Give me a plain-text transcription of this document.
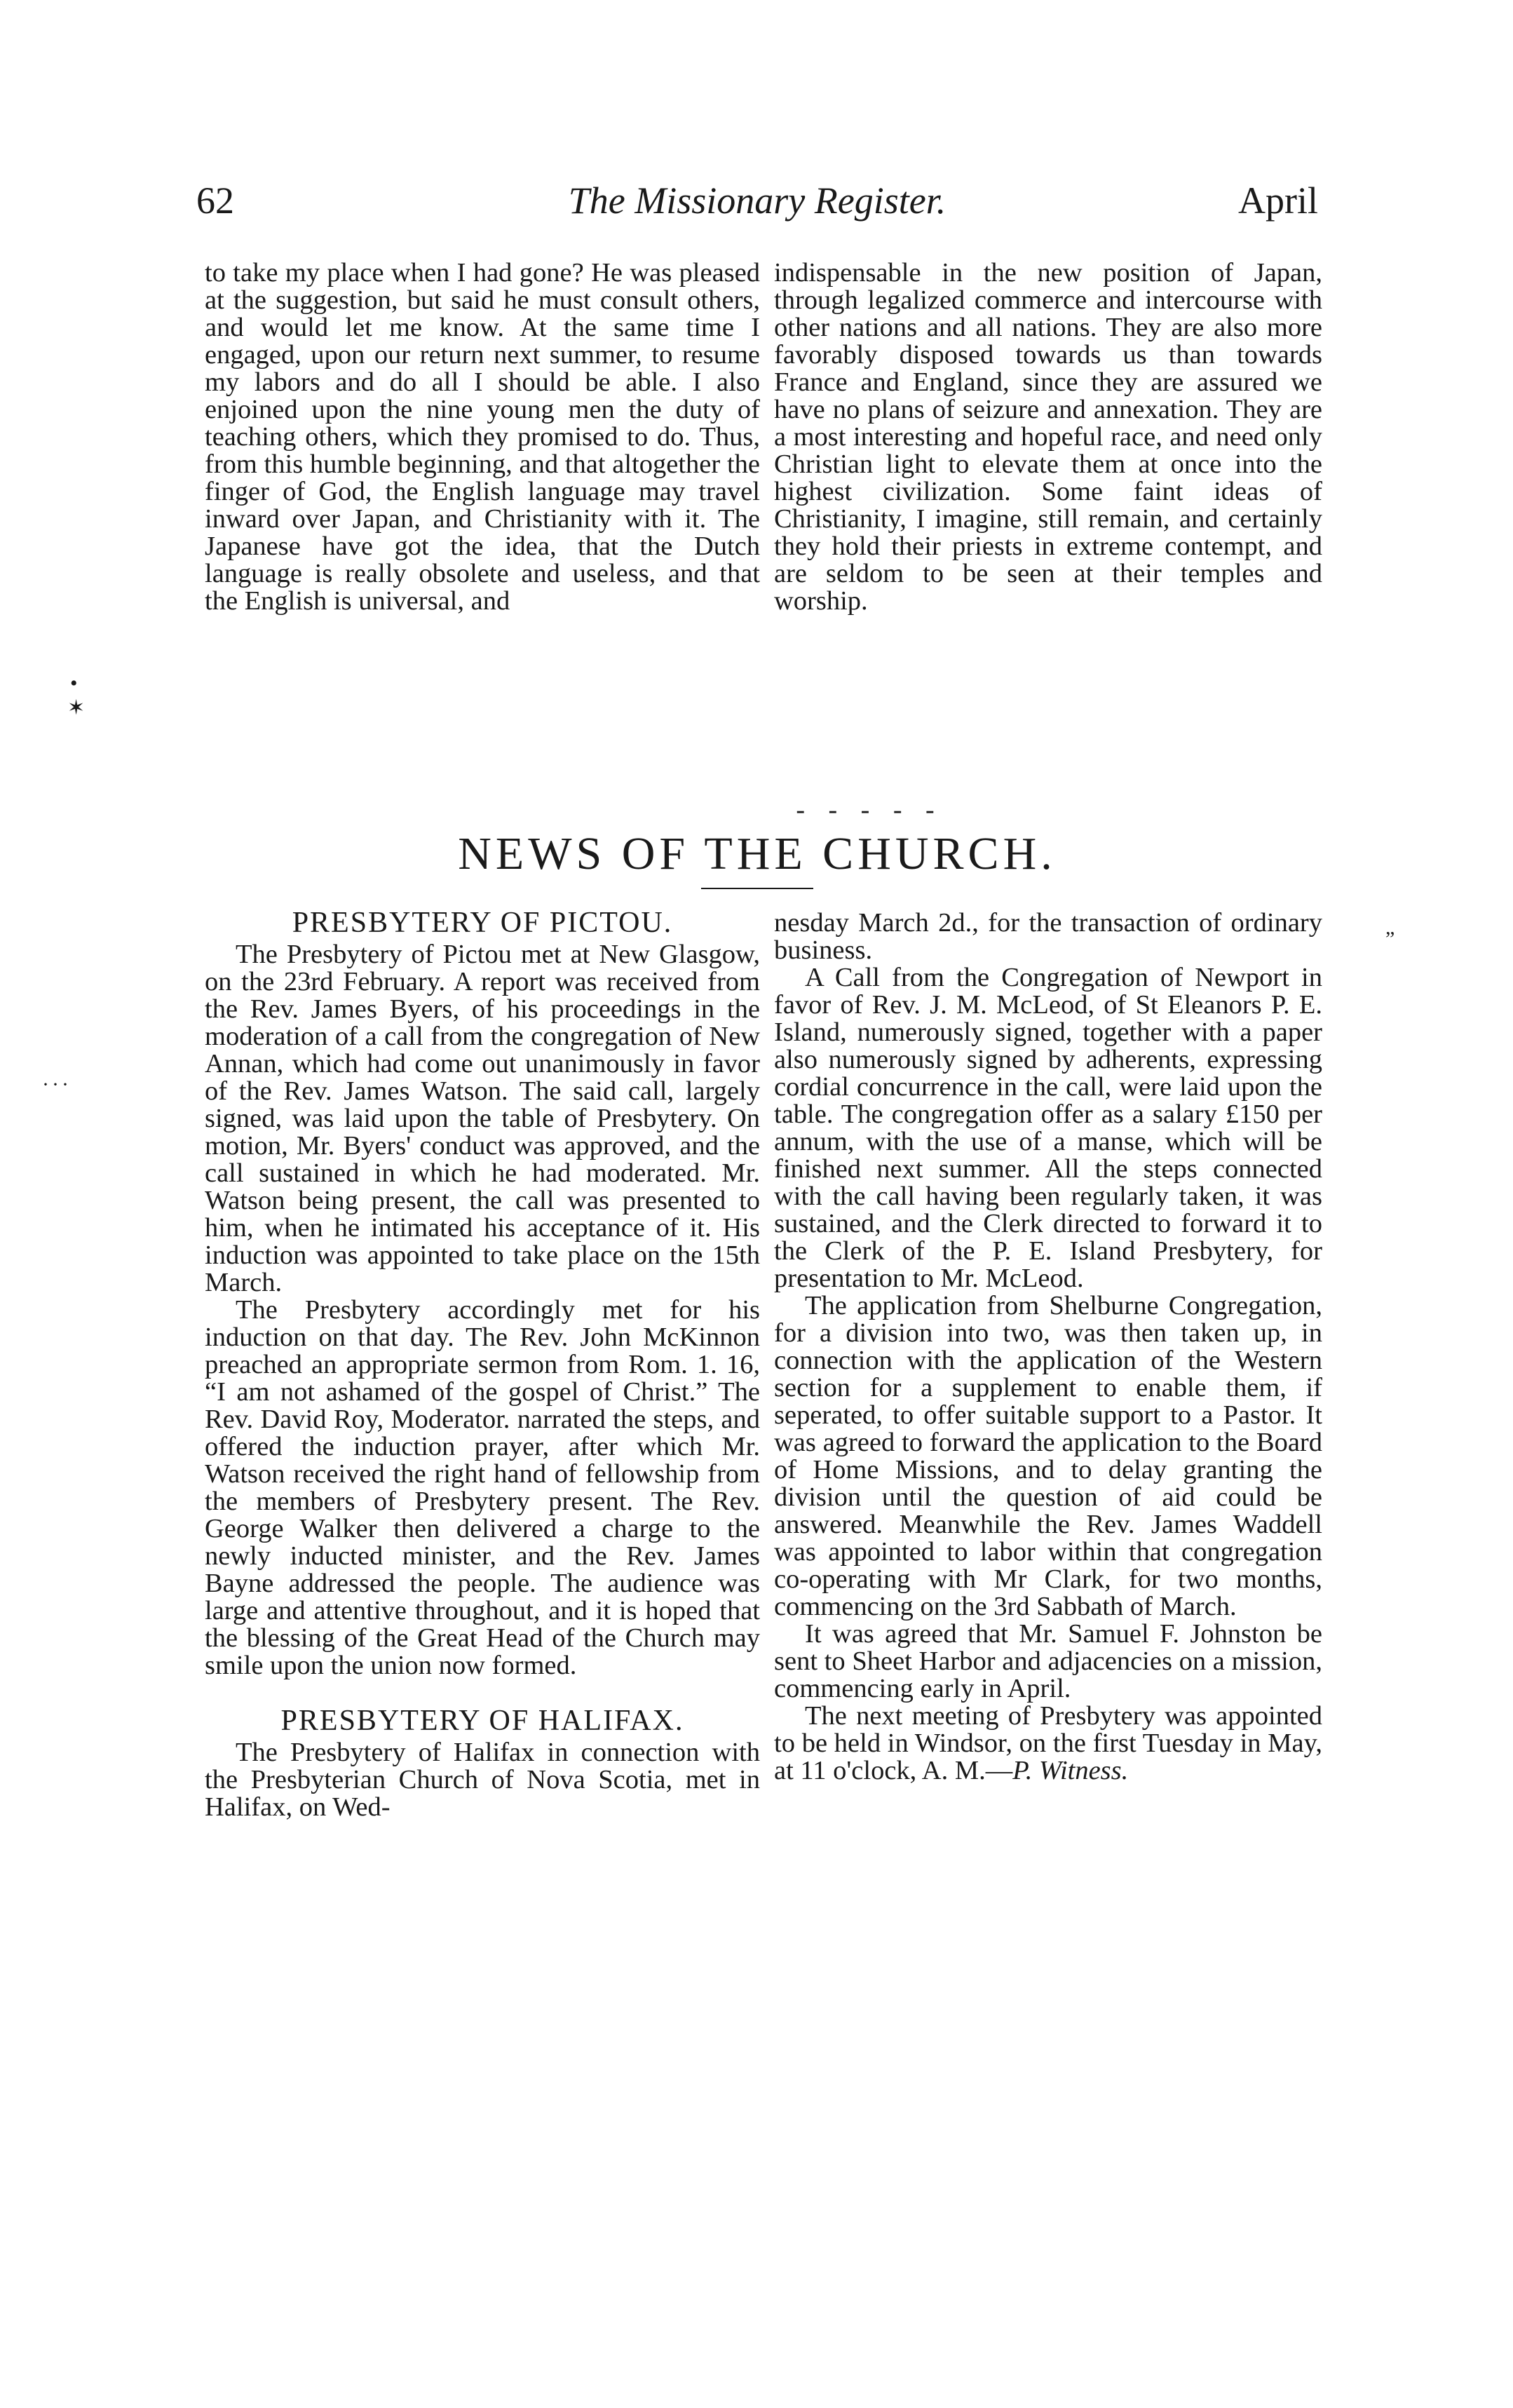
62	The Missionary Register.	April

to take my place when I had gone? He was pleased at the suggestion, but said he must consult others, and would let me know. At the same time I engaged, upon our return next summer, to resume my labors and do all I should be able. I also enjoined upon the nine young men the duty of teaching others, which they promised to do. Thus, from this humble beginning, and that altogether the finger of God, the English language may travel inward over Japan, and Christianity with it. The Japanese have got the idea, that the Dutch language is really obsolete and useless, and that the English is universal, and

indispensable in the new position of Japan, through legalized commerce and intercourse with other nations and all nations. They are also more favorably disposed towards us than towards France and England, since they are assured we have no plans of seizure and annexation. They are a most interesting and hopeful race, and need only Christian light to elevate them at once into the highest civilization. Some faint ideas of Christianity, I imagine, still remain, and certainly they hold their priests in extreme contempt, and are seldom to be seen at their temples and worship.

- - - - -
NEWS OF THE CHURCH.
PRESBYTERY OF PICTOU.

The Presbytery of Pictou met at New Glasgow, on the 23rd February. A report was received from the Rev. James Byers, of his proceedings in the moderation of a call from the congregation of New Annan, which had come out unanimously in favor of the Rev. James Watson. The said call, largely signed, was laid upon the table of Presbytery. On motion, Mr. Byers' conduct was approved, and the call sustained in which he had moderated. Mr. Watson being present, the call was presented to him, when he intimated his acceptance of it. His induction was appointed to take place on the 15th March.

The Presbytery accordingly met for his induction on that day. The Rev. John McKinnon preached an appropriate sermon from Rom. 1. 16, “I am not ashamed of the gospel of Christ.” The Rev. David Roy, Moderator. narrated the steps, and offered the induction prayer, after which Mr. Watson received the right hand of fellowship from the members of Presbytery present. The Rev. George Walker then delivered a charge to the newly inducted minister, and the Rev. James Bayne addressed the people. The audience was large and attentive throughout, and it is hoped that the blessing of the Great Head of the Church may smile upon the union now formed.

PRESBYTERY OF HALIFAX.

The Presbytery of Halifax in connection with the Presbyterian Church of Nova Scotia, met in Halifax, on Wed-

nesday March 2d., for the transaction of ordinary business.

A Call from the Congregation of Newport in favor of Rev. J. M. McLeod, of St Eleanors P. E. Island, numerously signed, together with a paper also numerously signed by adherents, expressing cordial concurrence in the call, were laid upon the table. The congregation offer as a salary £150 per annum, with the use of a manse, which will be finished next summer. All the steps connected with the call having been regularly taken, it was sustained, and the Clerk directed to forward it to the Clerk of the P. E. Island Presbytery, for presentation to Mr. McLeod.

The application from Shelburne Congregation, for a division into two, was then taken up, in connection with the application of the Western section for a supplement to enable them, if seperated, to offer suitable support to a Pastor. It was agreed to forward the application to the Board of Home Missions, and to delay granting the division until the question of aid could be answered. Meanwhile the Rev. James Waddell was appointed to labor within that congregation co-operating with Mr Clark, for two months, commencing on the 3rd Sabbath of March.

It was agreed that Mr. Samuel F. Johnston be sent to Sheet Harbor and adjacencies on a mission, commencing early in April.

The next meeting of Presbytery was appointed to be held in Windsor, on the first Tuesday in May, at 11 o'clock, A. M.—P. Witness.

•
✶
···
„
